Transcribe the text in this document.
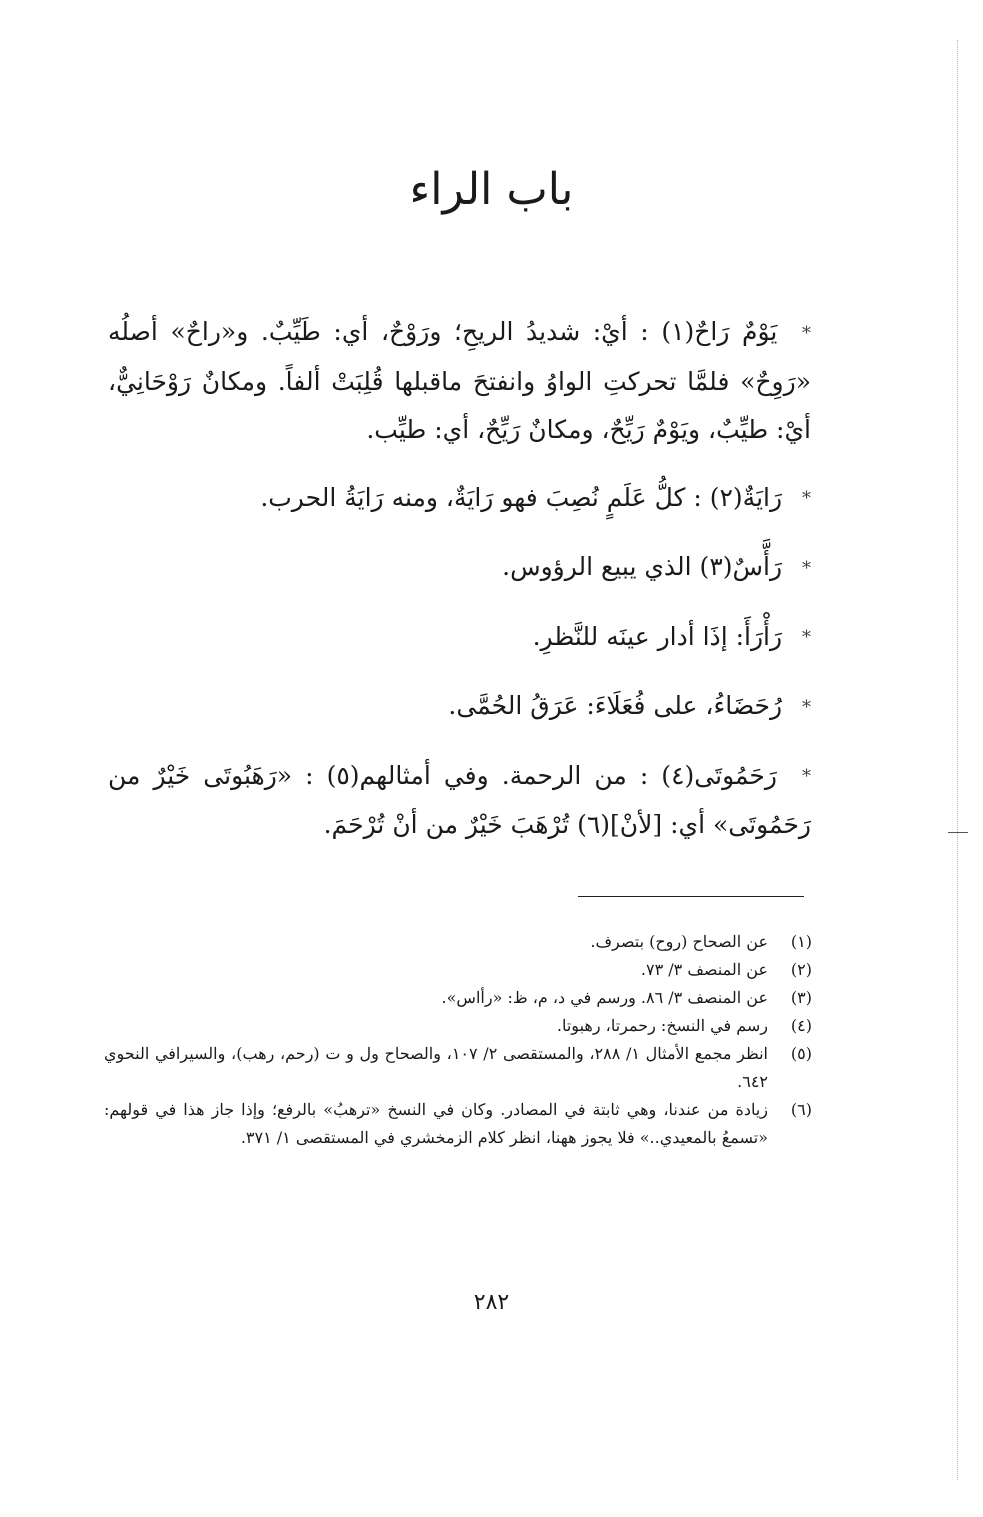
باب الراء

* يَوْمٌ رَاحٌ(١) : أيْ: شديدُ الريحِ؛ ورَوْحٌ، أي: طَيِّبٌ. و«راحٌ» أصلُه «رَوِحٌ» فلمَّا تحركتِ الواوُ وانفتحَ ماقبلها قُلِبَتْ ألفاً. ومكانٌ رَوْحَانِيٌّ، أيْ: طيِّبٌ، ويَوْمٌ رَيِّحٌ، ومكانٌ رَيِّحٌ، أي: طيِّب.

* رَايَةٌ(٢) : كلُّ عَلَمٍ نُصِبَ فهو رَايَةٌ، ومنه رَايَةُ الحرب.

* رَأَّسٌ(٣) الذي يبيع الرؤوس.

* رَأْرَأَ: إذَا أدار عينَه للنَّظرِ.

* رُحَضَاءُ، على فُعَلَاءَ: عَرَقُ الحُمَّى.

* رَحَمُوتَى(٤) : من الرحمة. وفي أمثالهم(٥) : «رَهَبُوتَى خَيْرٌ من رَحَمُوتَى» أي: [لأنْ](٦) تُرْهَبَ خَيْرٌ من أنْ تُرْحَمَ.

(١)
عن الصحاح (روح) بتصرف.
(٢)
عن المنصف ٣/ ٧٣.
(٣)
عن المنصف ٣/ ٨٦. ورسم في د، م، ظ: «رأاس».
(٤)
رسم في النسخ: رحمرتا، رهبوتا.
(٥)
انظر مجمع الأمثال ١/ ٢٨٨، والمستقصى ٢/ ١٠٧، والصحاح ول و ت (رحم، رهب)، والسيرافي النحوي ٦٤٢.
(٦)
زيادة من عندنا، وهي ثابتة في المصادر. وكان في النسخ «ترهبُ» بالرفع؛ وإذا جاز هذا في قولهم: «تسمعُ بالمعيدي..» فلا يجوز ههنا، انظر كلام الزمخشري في المستقصى ١/ ٣٧١.
٢٨٢
